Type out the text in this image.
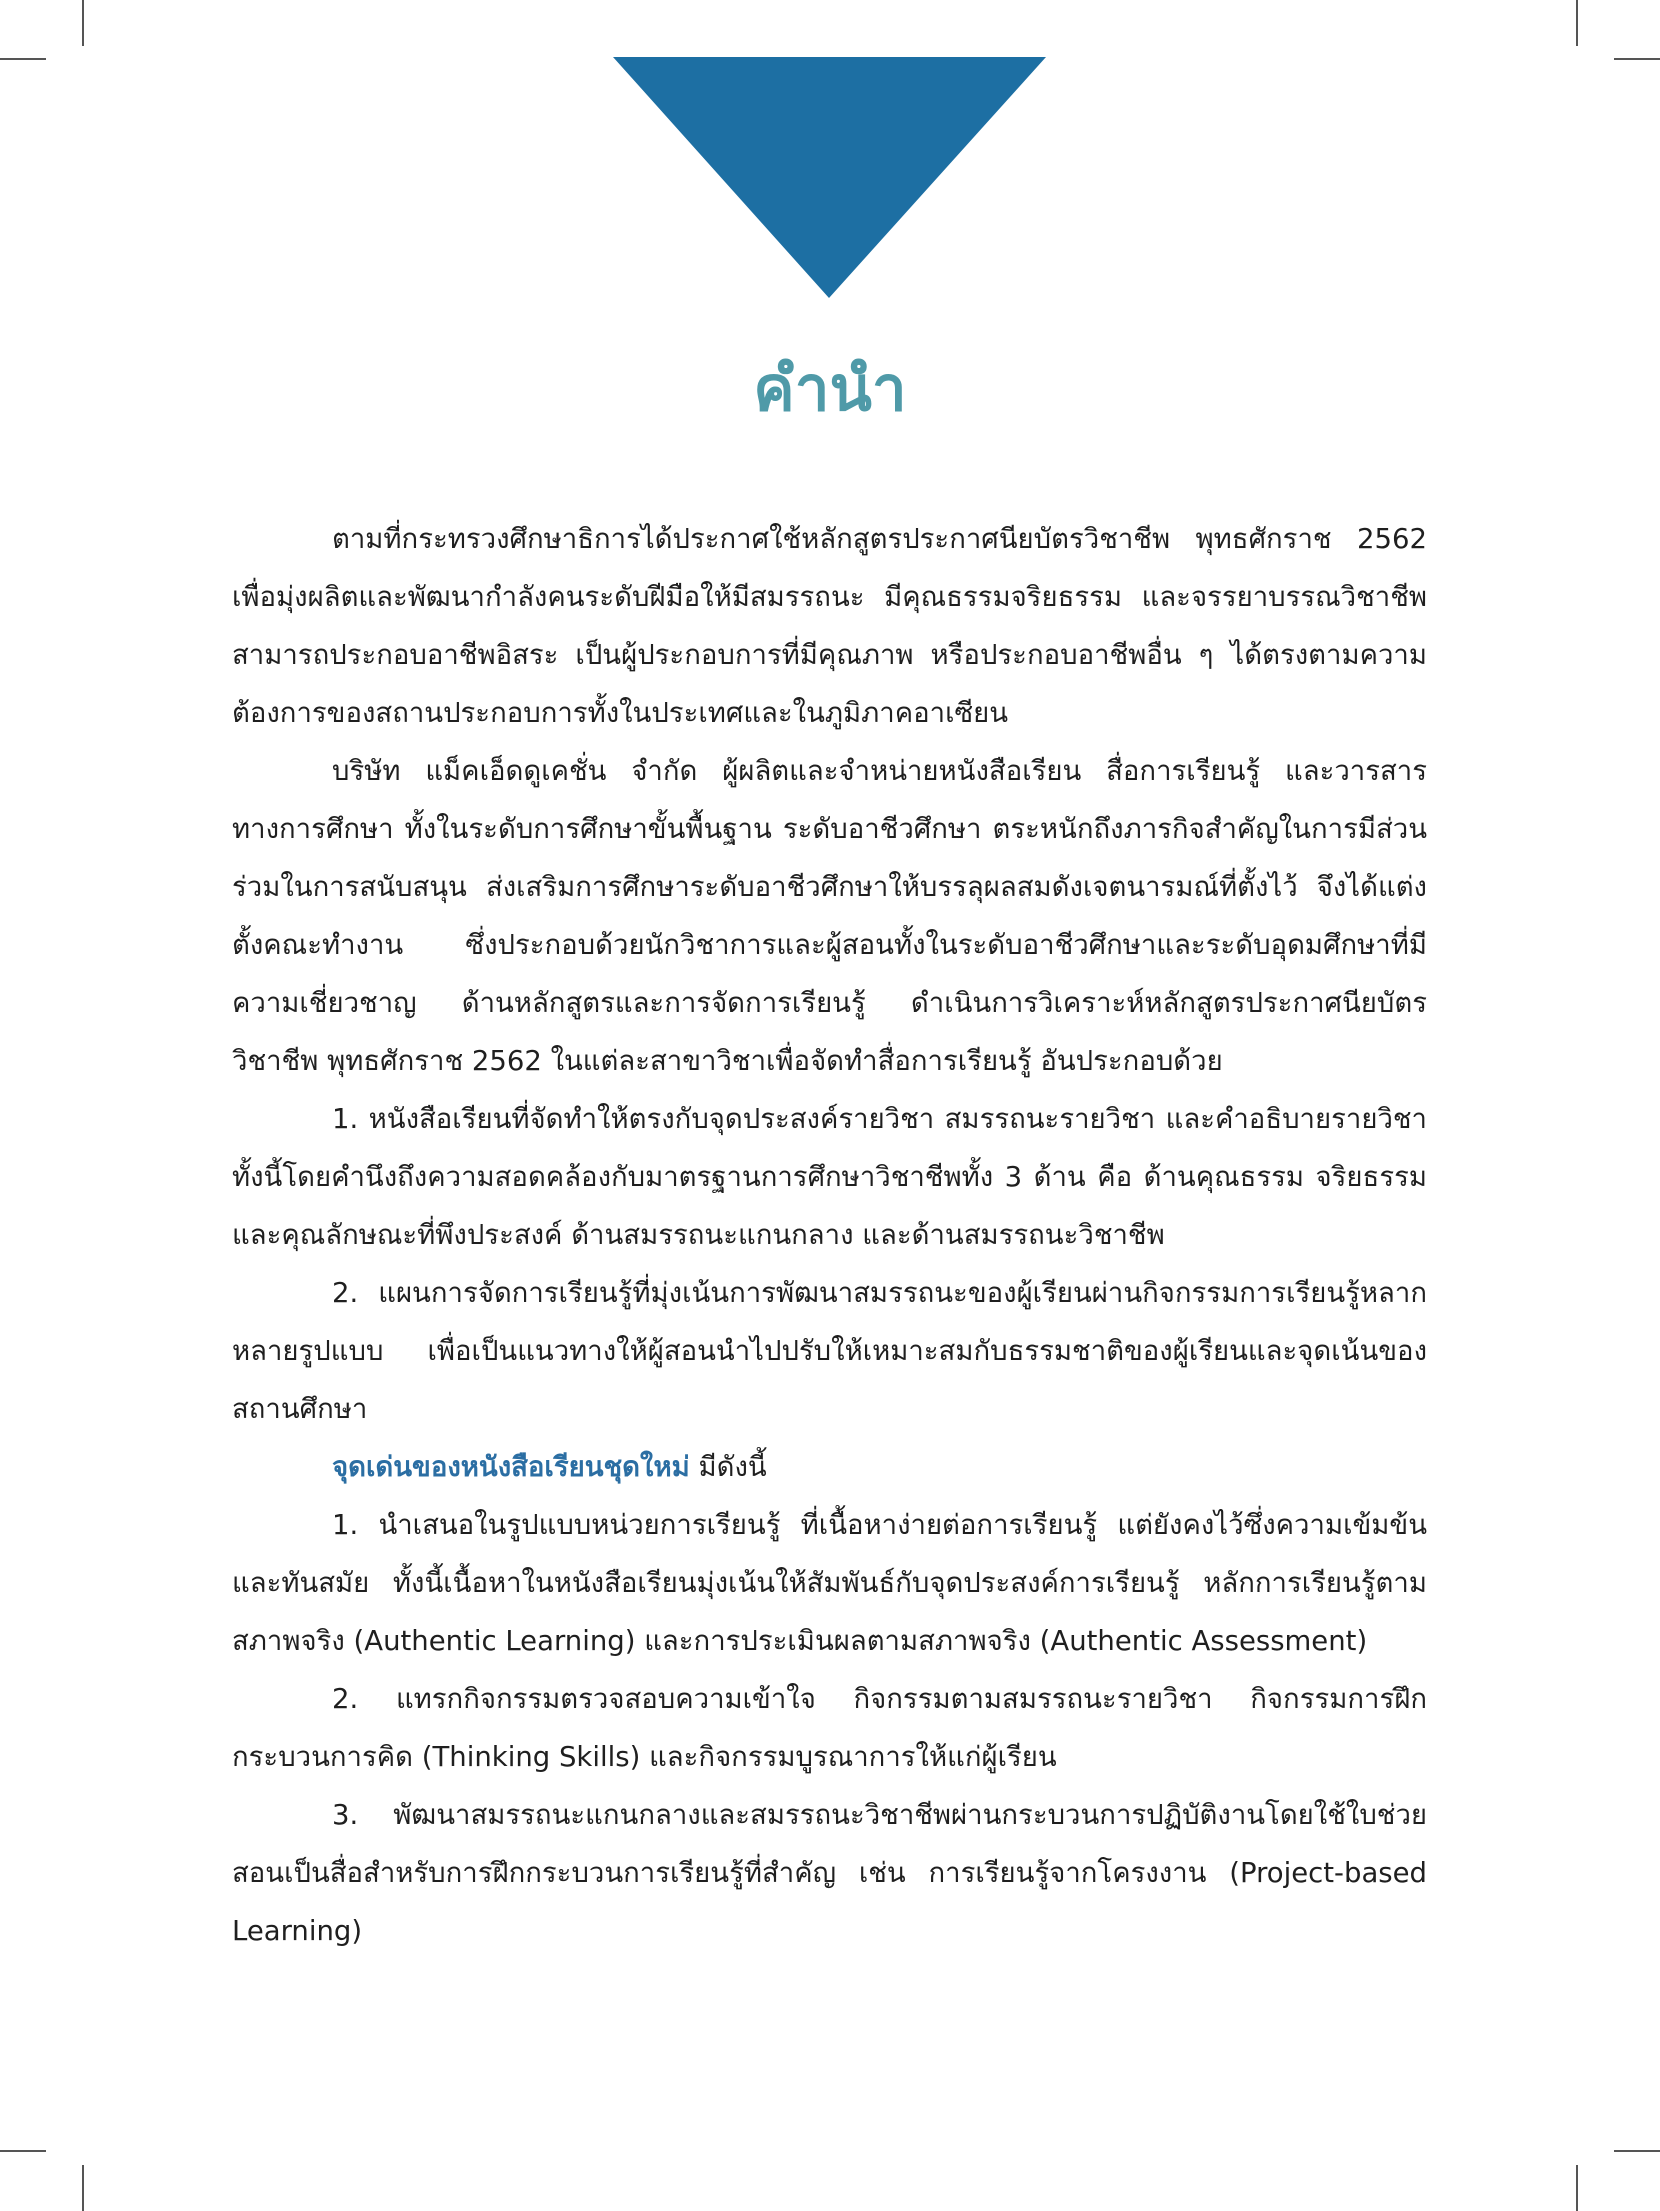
คำนำ

ตามที่กระทรวงศึกษาธิการได้ประกาศใช้หลักสูตรประกาศนียบัตรวิชาชีพ พุทธศักราช 2562 เพื่อมุ่งผลิตและพัฒนากำลังคนระดับฝีมือให้มีสมรรถนะ มีคุณธรรมจริยธรรม และจรรยาบรรณวิชาชีพ สามารถประกอบอาชีพอิสระ เป็นผู้ประกอบการที่มีคุณภาพ หรือประกอบอาชีพอื่น ๆ ได้ตรงตามความต้องการของสถานประกอบการทั้งในประเทศและในภูมิภาคอาเซียน

บริษัท แม็คเอ็ดดูเคชั่น จำกัด ผู้ผลิตและจำหน่ายหนังสือเรียน สื่อการเรียนรู้ และวารสารทางการศึกษา ทั้งในระดับการศึกษาขั้นพื้นฐาน ระดับอาชีวศึกษา ตระหนักถึงภารกิจสำคัญในการมีส่วนร่วมในการสนับสนุน ส่งเสริมการศึกษาระดับอาชีวศึกษาให้บรรลุผลสมดังเจตนารมณ์ที่ตั้งไว้ จึงได้แต่งตั้งคณะทำงาน ซึ่งประกอบด้วยนักวิชาการและผู้สอนทั้งในระดับอาชีวศึกษาและระดับอุดมศึกษาที่มีความเชี่ยวชาญ ด้านหลักสูตรและการจัดการเรียนรู้ ดำเนินการวิเคราะห์หลักสูตรประกาศนียบัตรวิชาชีพ พุทธศักราช 2562 ในแต่ละสาขาวิชาเพื่อจัดทำสื่อการเรียนรู้ อันประกอบด้วย

1. หนังสือเรียนที่จัดทำให้ตรงกับจุดประสงค์รายวิชา สมรรถนะรายวิชา และคำอธิบายรายวิชา ทั้งนี้โดยคำนึงถึงความสอดคล้องกับมาตรฐานการศึกษาวิชาชีพทั้ง 3 ด้าน คือ ด้านคุณธรรม จริยธรรมและคุณลักษณะที่พึงประสงค์ ด้านสมรรถนะแกนกลาง และด้านสมรรถนะวิชาชีพ

2. แผนการจัดการเรียนรู้ที่มุ่งเน้นการพัฒนาสมรรถนะของผู้เรียนผ่านกิจกรรมการเรียนรู้หลากหลายรูปแบบ เพื่อเป็นแนวทางให้ผู้สอนนำไปปรับให้เหมาะสมกับธรรมชาติของผู้เรียนและจุดเน้นของสถานศึกษา

จุดเด่นของหนังสือเรียนชุดใหม่ มีดังนี้

1. นำเสนอในรูปแบบหน่วยการเรียนรู้ ที่เนื้อหาง่ายต่อการเรียนรู้ แต่ยังคงไว้ซึ่งความเข้มข้นและทันสมัย ทั้งนี้เนื้อหาในหนังสือเรียนมุ่งเน้นให้สัมพันธ์กับจุดประสงค์การเรียนรู้ หลักการเรียนรู้ตามสภาพจริง (Authentic Learning) และการประเมินผลตามสภาพจริง (Authentic Assessment)

2. แทรกกิจกรรมตรวจสอบความเข้าใจ กิจกรรมตามสมรรถนะรายวิชา กิจกรรมการฝึกกระบวนการคิด (Thinking Skills) และกิจกรรมบูรณาการให้แก่ผู้เรียน

3. พัฒนาสมรรถนะแกนกลางและสมรรถนะวิชาชีพผ่านกระบวนการปฏิบัติงานโดยใช้ใบช่วยสอนเป็นสื่อสำหรับการฝึกกระบวนการเรียนรู้ที่สำคัญ เช่น การเรียนรู้จากโครงงาน (Project-based Learning)
